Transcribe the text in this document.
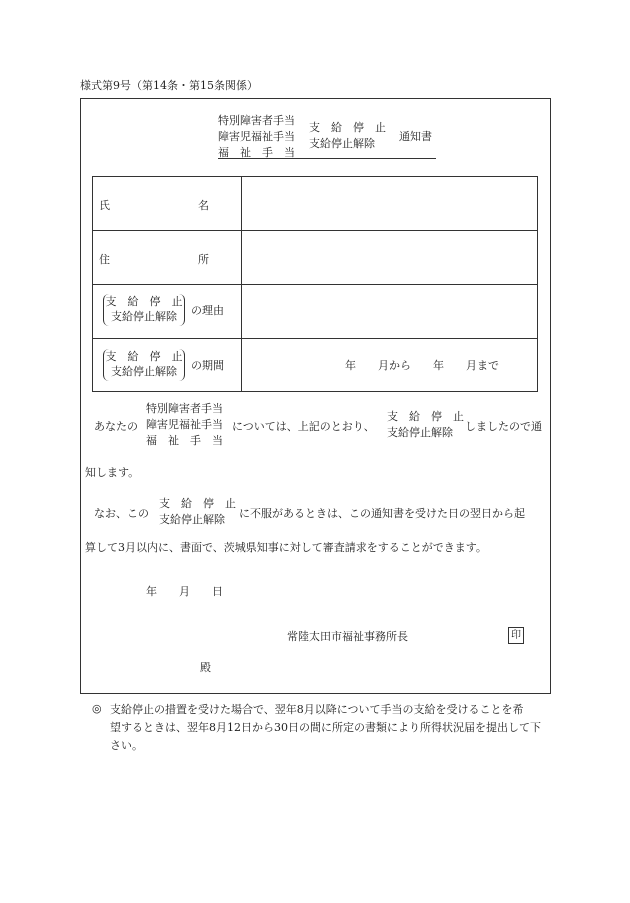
様式第9号（第14条・第15条関係）
特別障害者手当
障害児福祉手当
福　祉　手　当
支　給　停　止
支給停止解除
通知書
氏　　　　　　　　名
住　　　　　　　　所
支　給　停　止
支給停止解除	の理由
支　給　停　止
支給停止解除	の期間	年　　月から　　年　　月まで
あなたの
特別障害者手当
障害児福祉手当
福　祉　手　当
については、上記のとおり、
支　給　停　止
支給停止解除	しましたので通
知します。
なお、この
支　給　停　止
支給停止解除	に不服があるときは、この通知書を受けた日の翌日から起
算して3月以内に、書面で、茨城県知事に対して審査請求をすることができます。
年　　月　　日
常陸太田市福祉事務所長	印
殿
◎ 支給停止の措置を受けた場合で、翌年8月以降について手当の支給を受けることを希
望するときは、翌年8月12日から30日の間に所定の書類により所得状況届を提出して下
さい。
